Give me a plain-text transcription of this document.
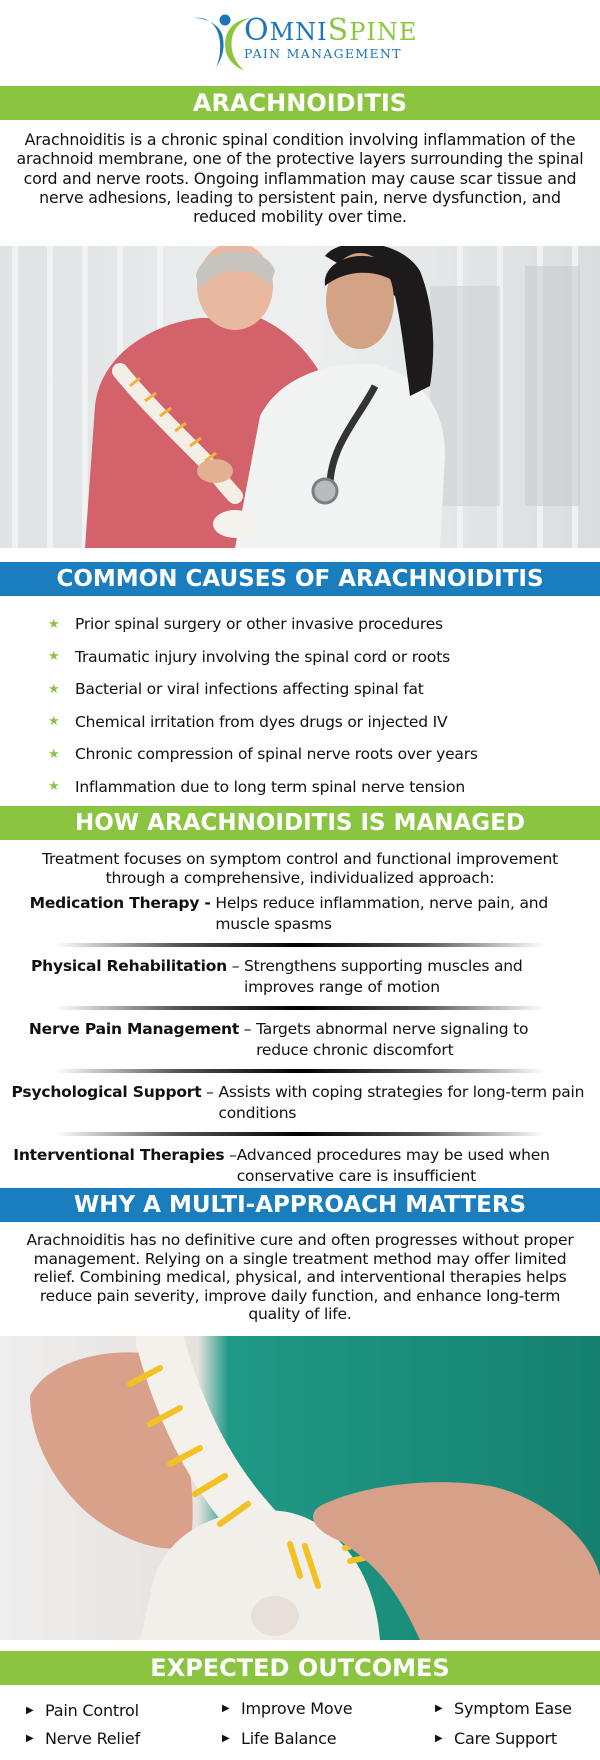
OMNISPINE
PAIN MANAGEMENT
ARACHNOIDITIS
Arachnoiditis is a chronic spinal condition involving inflammation of the arachnoid membrane, one of the protective layers surrounding the spinal cord and nerve roots. Ongoing inflammation may cause scar tissue and nerve adhesions, leading to persistent pain, nerve dysfunction, and reduced mobility over time.
COMMON CAUSES OF ARACHNOIDITIS
★	Prior spinal surgery or other invasive procedures
★	Traumatic injury involving the spinal cord or roots
★	Bacterial or viral infections affecting spinal fat
★	Chemical irritation from dyes drugs or injected IV
★	Chronic compression of spinal nerve roots over years
★	Inflammation due to long term spinal nerve tension
HOW ARACHNOIDITIS IS MANAGED
Treatment focuses on symptom control and functional improvement through a comprehensive, individualized approach:
Medication Therapy -
Helps reduce inflammation, nerve pain, and muscle spasms
Physical Rehabilitation – Strengthens supporting muscles and improves range of motion
Nerve Pain Management – Targets abnormal nerve signaling to reduce chronic discomfort
Psychological Support – Assists with coping strategies for long-term pain conditions
Interventional Therapies – Advanced procedures may be used when conservative care is insufficient
WHY A MULTI-APPROACH MATTERS
Arachnoiditis has no definitive cure and often progresses without proper management. Relying on a single treatment method may offer limited relief. Combining medical, physical, and interventional therapies helps reduce pain severity, improve daily function, and enhance long-term quality of life.
EXPECTED OUTCOMES
▶ Pain Control	▶ Improve Move	▶ Symptom Ease
▶ Nerve Relief	▶ Life Balance	▶ Care Support
